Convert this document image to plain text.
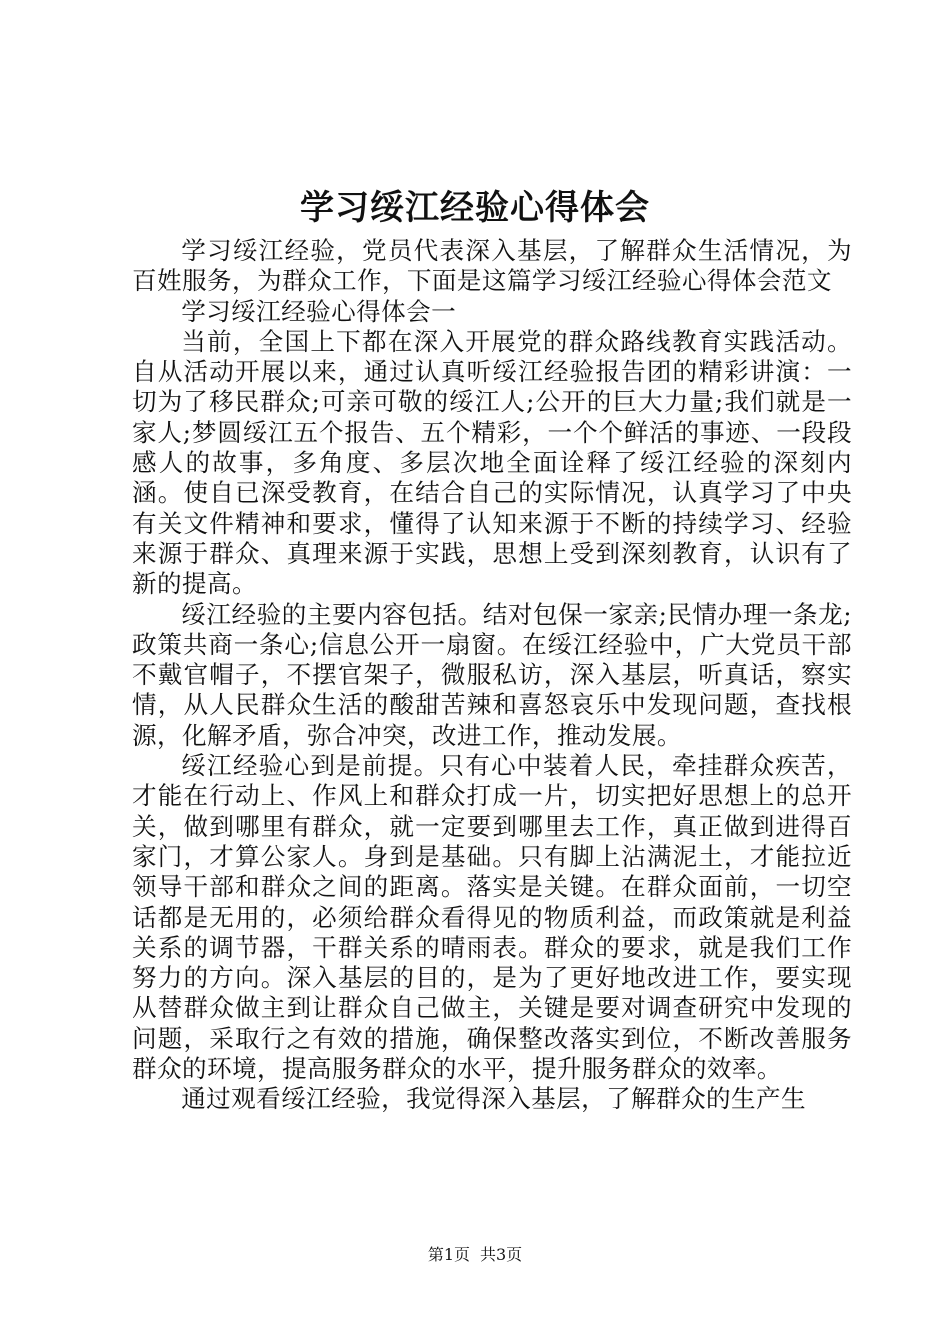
学习绥江经验心得体会

学习绥江经验，党员代表深入基层，了解群众生活情况，为百姓服务，为群众工作，下面是这篇学习绥江经验心得体会范文

学习绥江经验心得体会一

当前，全国上下都在深入开展党的群众路线教育实践活动。自从活动开展以来，通过认真听绥江经验报告团的精彩讲演：一切为了移民群众;可亲可敬的绥江人;公开的巨大力量;我们就是一家人;梦圆绥江五个报告、五个精彩，一个个鲜活的事迹、一段段感人的故事，多角度、多层次地全面诠释了绥江经验的深刻内涵。使自已深受教育，在结合自己的实际情况，认真学习了中央有关文件精神和要求，懂得了认知来源于不断的持续学习、经验来源于群众、真理来源于实践，思想上受到深刻教育，认识有了新的提高。

绥江经验的主要内容包括。结对包保一家亲;民情办理一条龙;政策共商一条心;信息公开一扇窗。在绥江经验中，广大党员干部不戴官帽子，不摆官架子，微服私访，深入基层，听真话，察实情，从人民群众生活的酸甜苦辣和喜怒哀乐中发现问题，查找根源，化解矛盾，弥合冲突，改进工作，推动发展。

绥江经验心到是前提。只有心中装着人民，牵挂群众疾苦，才能在行动上、作风上和群众打成一片，切实把好思想上的总开关，做到哪里有群众，就一定要到哪里去工作，真正做到进得百家门，才算公家人。身到是基础。只有脚上沾满泥土，才能拉近领导干部和群众之间的距离。落实是关键。在群众面前，一切空话都是无用的，必须给群众看得见的物质利益，而政策就是利益关系的调节器，干群关系的晴雨表。群众的要求，就是我们工作努力的方向。深入基层的目的，是为了更好地改进工作，要实现从替群众做主到让群众自己做主，关键是要对调查研究中发现的问题，采取行之有效的措施，确保整改落实到位，不断改善服务群众的环境，提高服务群众的水平，提升服务群众的效率。

通过观看绥江经验，我觉得深入基层，了解群众的生产生

第1页 共3页
